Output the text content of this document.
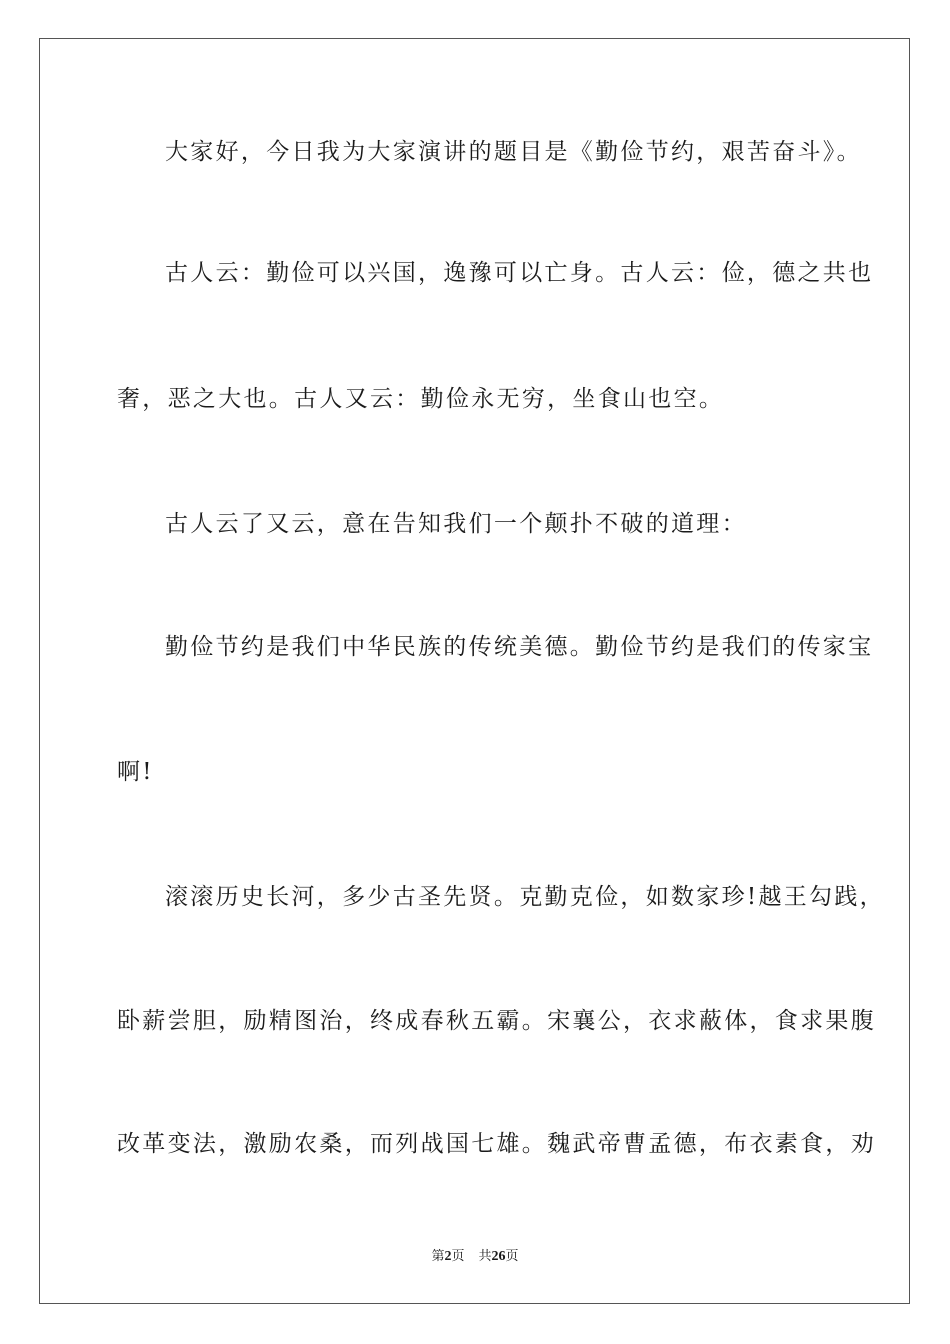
大家好，今日我为大家演讲的题目是《勤俭节约，艰苦奋斗》。

古人云：勤俭可以兴国，逸豫可以亡身。古人云：俭，德之共也

奢，恶之大也。古人又云：勤俭永无穷，坐食山也空。

古人云了又云，意在告知我们一个颠扑不破的道理：

勤俭节约是我们中华民族的传统美德。勤俭节约是我们的传家宝

啊!

滚滚历史长河，多少古圣先贤。克勤克俭，如数家珍!越王勾践，

卧薪尝胆，励精图治，终成春秋五霸。宋襄公，衣求蔽体，食求果腹

改革变法，激励农桑，而列战国七雄。魏武帝曹孟德，布衣素食，劝

第2页 共26页
